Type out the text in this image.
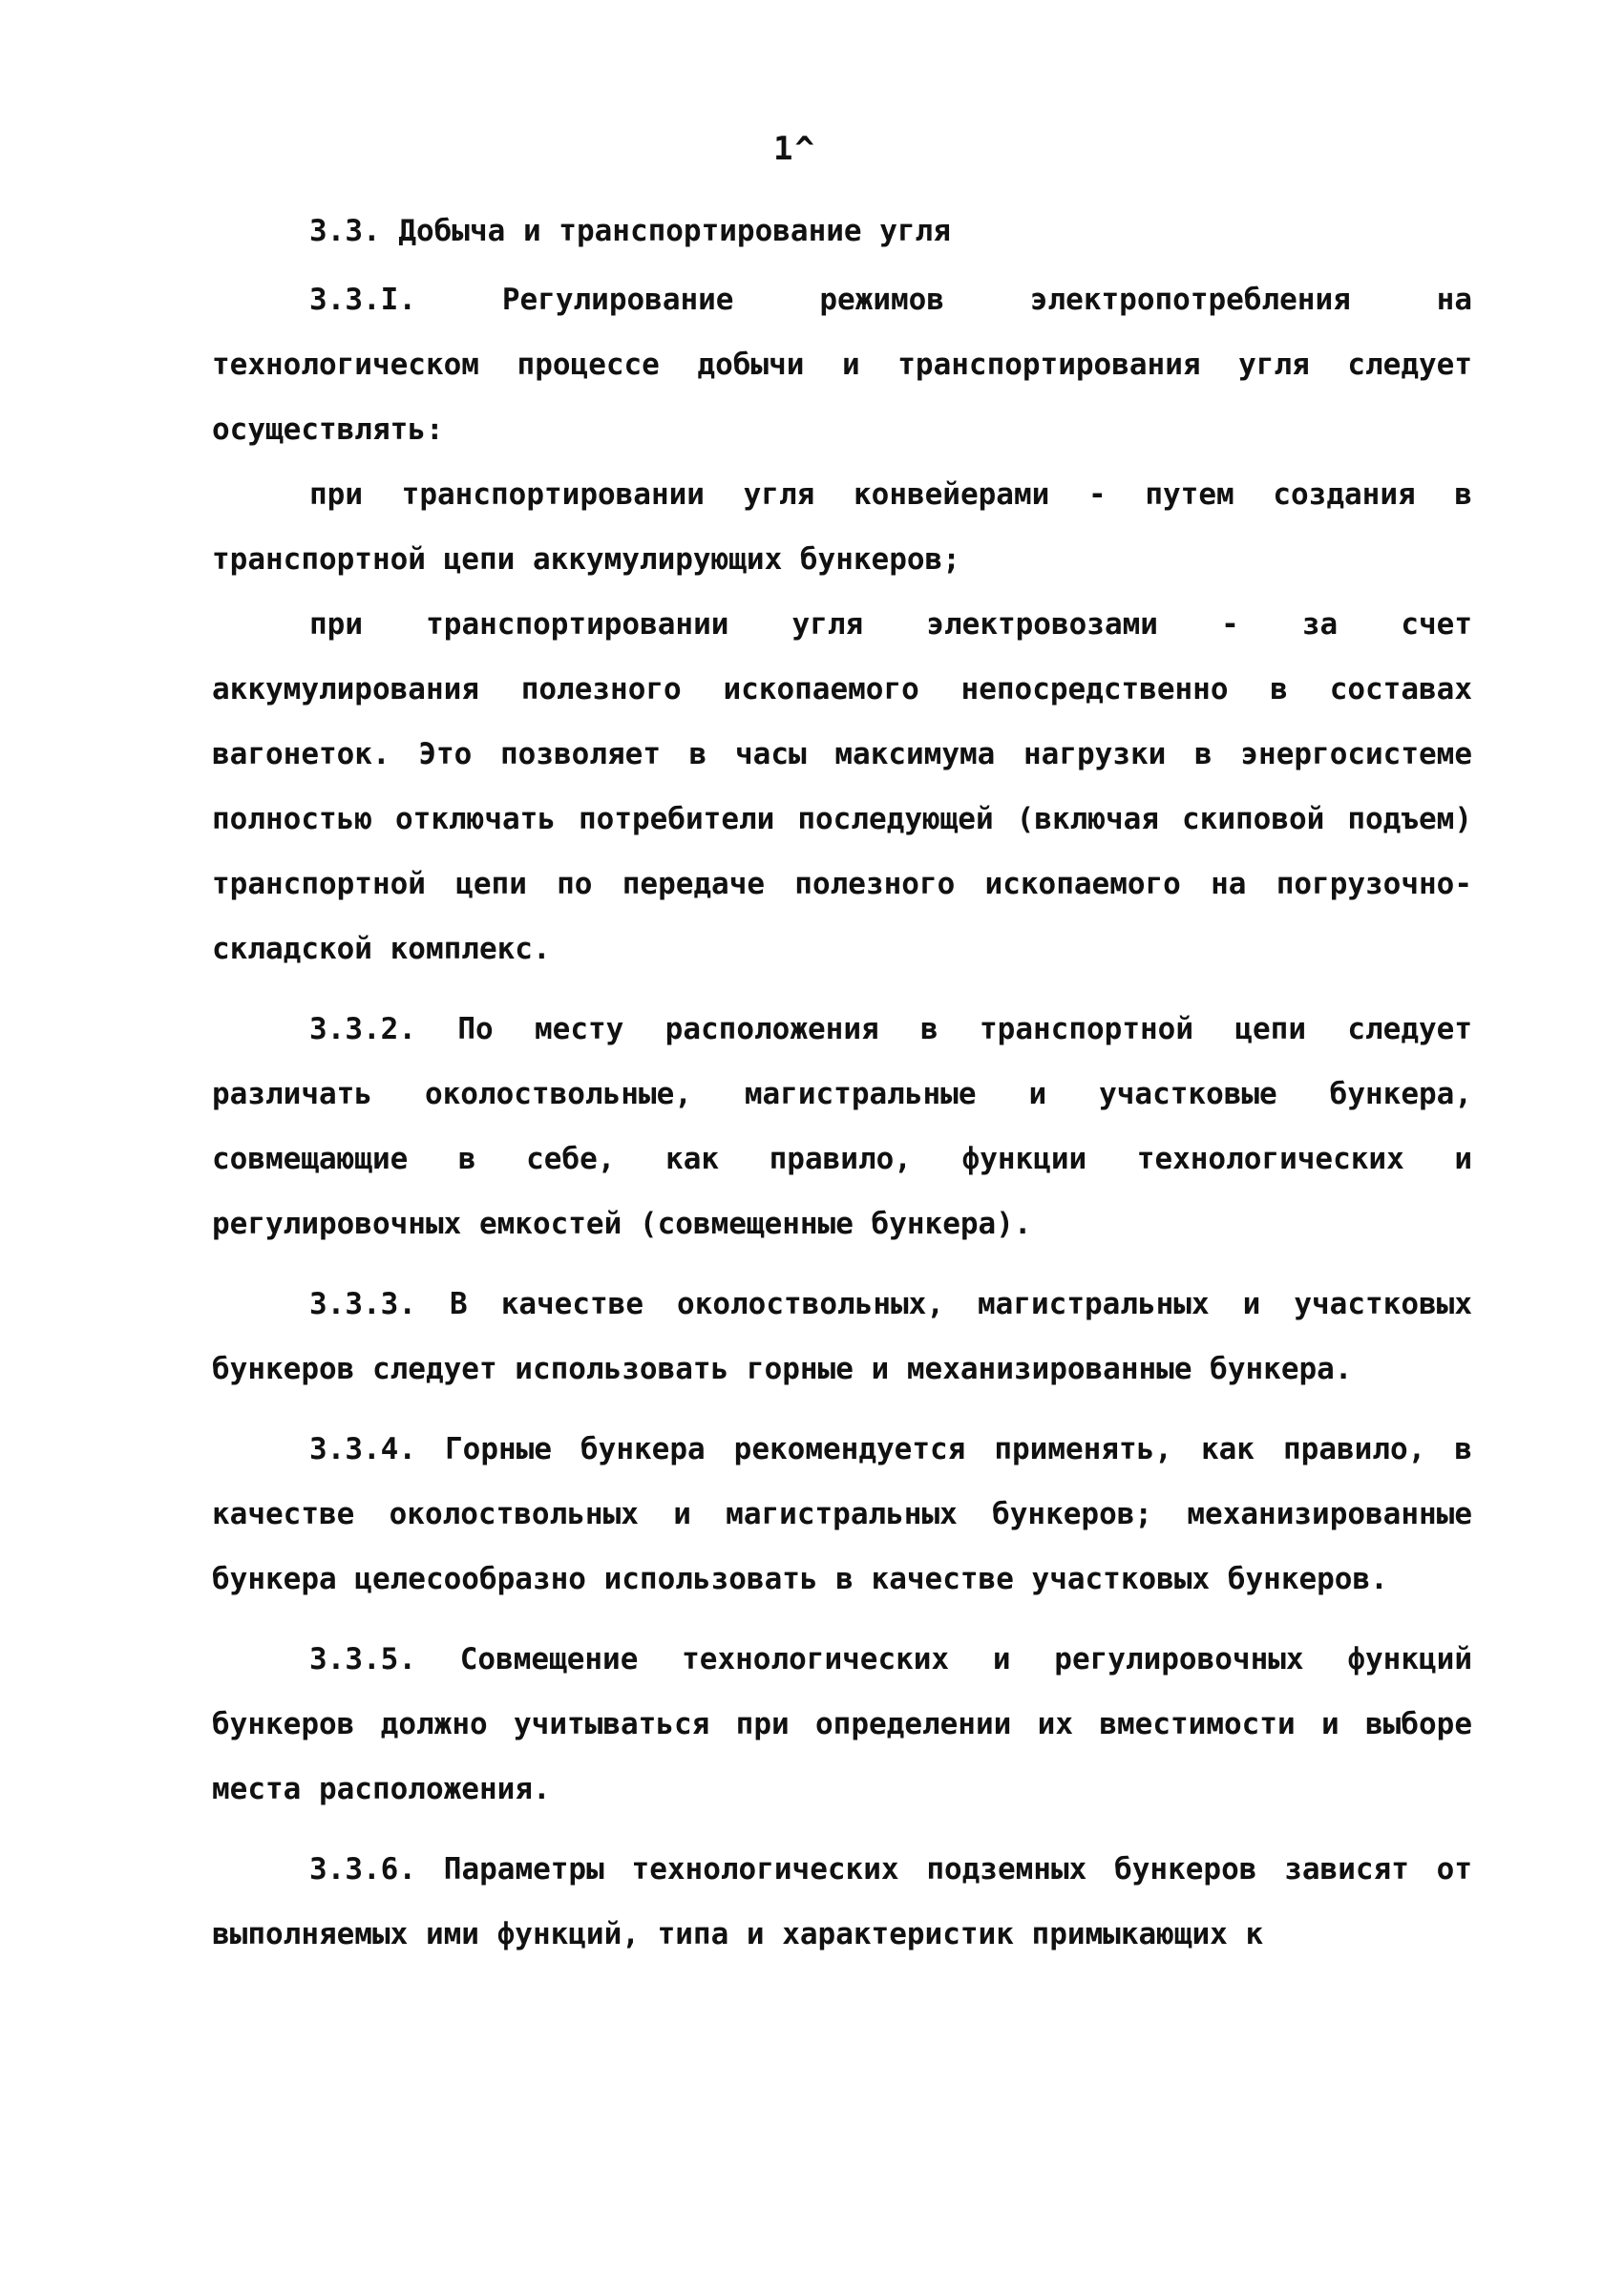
1^

3.3. Добыча и транспортирование угля

3.3.I. Регулирование режимов электропотребления на технологическом процессе добычи и транспортирования угля следует осуществлять:

при транспортировании угля конвейерами - путем создания в транспортной цепи аккумулирующих бункеров;

при транспортировании угля электровозами - за счет аккумулирования полезного ископаемого непосредственно в составах вагонеток. Это позволяет в часы максимума нагрузки в энергосистеме полностью отключать потребители последующей (включая скиповой подъем) транспортной цепи по передаче полезного ископаемого на погрузочно-складской комплекс.

3.3.2. По месту расположения в транспортной цепи следует различать околоствольные, магистральные и участковые бункера, совмещающие в себе, как правило, функции технологических и регулировочных емкостей (совмещенные бункера).

3.3.3. В качестве околоствольных, магистральных и участковых бункеров следует использовать горные и механизированные бункера.

3.3.4. Горные бункера рекомендуется применять, как правило, в качестве околоствольных и магистральных бункеров; механизированные бункера целесообразно использовать в качестве участковых бункеров.

3.3.5. Совмещение технологических и регулировочных функций бункеров должно учитываться при определении их вместимости и выборе места расположения.

3.3.6. Параметры технологических подземных бункеров зависят от выполняемых ими функций, типа и характеристик примыкающих к
